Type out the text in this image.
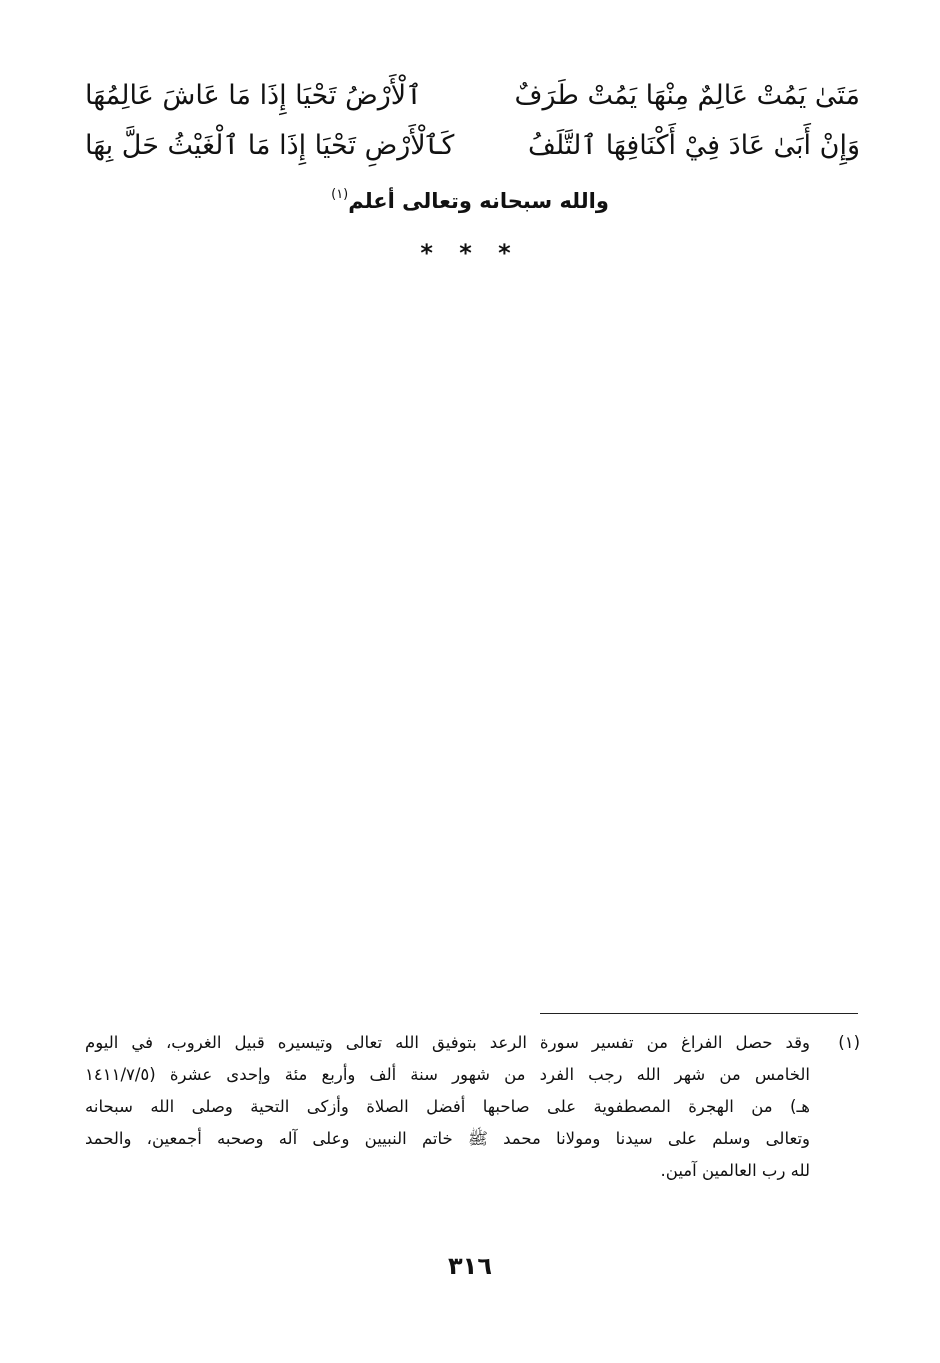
مَتَىٰ يَمُتْ عَالِمٌ مِنْهَا يَمُتْ طَرَفٌ
ٱلْأَرْضُ تَحْيَا إِذَا مَا عَاشَ عَالِمُهَا
وَإِنْ أَبَىٰ عَادَ فِيْ أَكْنَافِهَا ٱلتَّلَفُ
كَٱلْأَرْضِ تَحْيَا إِذَا مَا ٱلْغَيْثُ حَلَّ بِهَا
والله سبحانه وتعالى أعلم$^{(١)}$
* * *
(١)
وقد حصل الفراغ من تفسير سورة الرعد بتوفيق الله تعالى وتيسيره قبيل الغروب، في اليوم
الخامس من شهر الله رجب الفرد من شهور سنة ألف وأربع مئة وإحدى عشرة (١٤١١/٧/٥
هـ) من الهجرة المصطفوية على صاحبها أفضل الصلاة وأزكى التحية وصلى الله سبحانه
وتعالى وسلم على سيدنا ومولانا محمد ﷺ خاتم النبيين وعلى آله وصحبه أجمعين، والحمد
لله رب العالمين آمين.
٣١٦
